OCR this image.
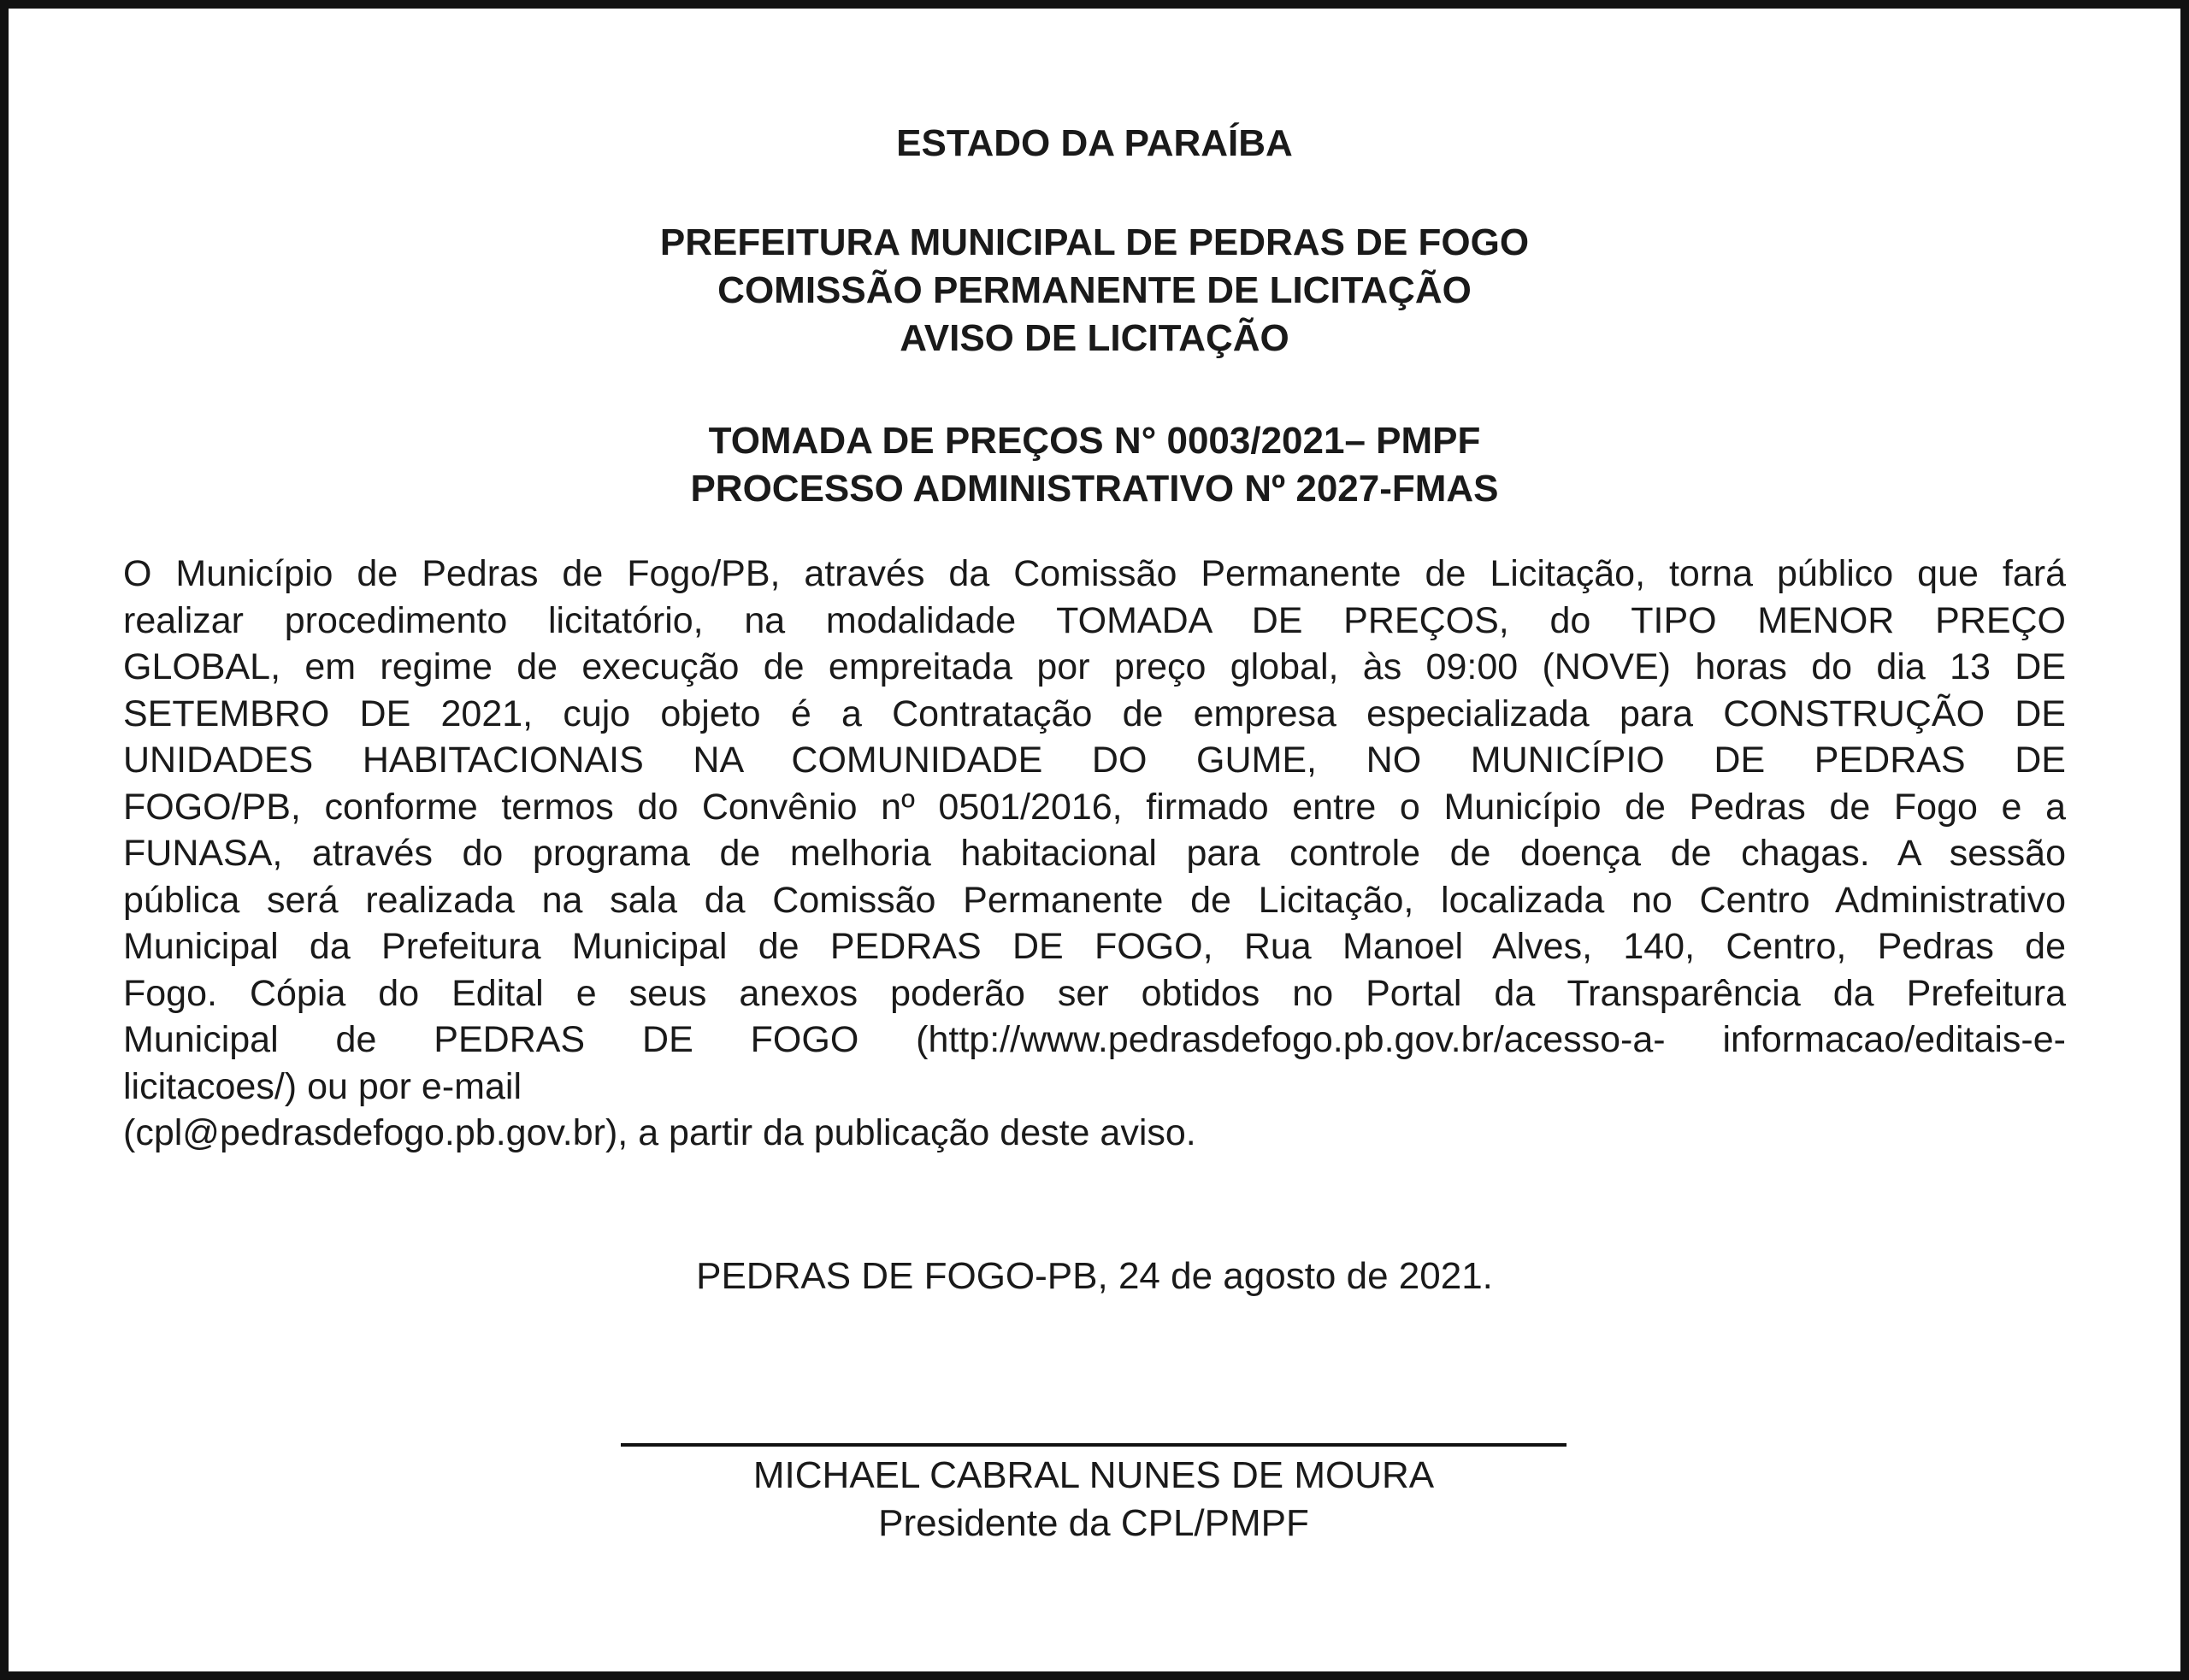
ESTADO DA PARAÍBA

PREFEITURA MUNICIPAL DE PEDRAS DE FOGO

COMISSÃO PERMANENTE DE LICITAÇÃO

AVISO DE LICITAÇÃO

TOMADA DE PREÇOS N° 0003/2021– PMPF

PROCESSO ADMINISTRATIVO Nº 2027-FMAS

O Município de Pedras de Fogo/PB, através da Comissão Permanente de Licitação, torna público que fará
realizar procedimento licitatório, na modalidade TOMADA DE PREÇOS, do TIPO MENOR PREÇO
GLOBAL, em regime de execução de empreitada por preço global, às 09:00 (NOVE) horas do dia 13 DE
SETEMBRO DE 2021, cujo objeto é a Contratação de empresa especializada para CONSTRUÇÃO DE
UNIDADES HABITACIONAIS NA COMUNIDADE DO GUME, NO MUNICÍPIO DE PEDRAS DE
FOGO/PB, conforme termos do Convênio nº 0501/2016, firmado entre o Município de Pedras de Fogo e a
FUNASA, através do programa de melhoria habitacional para controle de doença de chagas. A sessão
pública será realizada na sala da Comissão Permanente de Licitação, localizada no Centro Administrativo
Municipal da Prefeitura Municipal de PEDRAS DE FOGO, Rua Manoel Alves, 140, Centro, Pedras de
Fogo. Cópia do Edital e seus anexos poderão ser obtidos no Portal da Transparência da Prefeitura
Municipal de PEDRAS DE FOGO (http://www.pedrasdefogo.pb.gov.br/acesso-a- informacao/editais-e-
licitacoes/) ou por e-mail
(cpl@pedrasdefogo.pb.gov.br), a partir da publicação deste aviso.

PEDRAS DE FOGO-PB, 24 de agosto de 2021.

MICHAEL CABRAL NUNES DE MOURA

Presidente da CPL/PMPF
